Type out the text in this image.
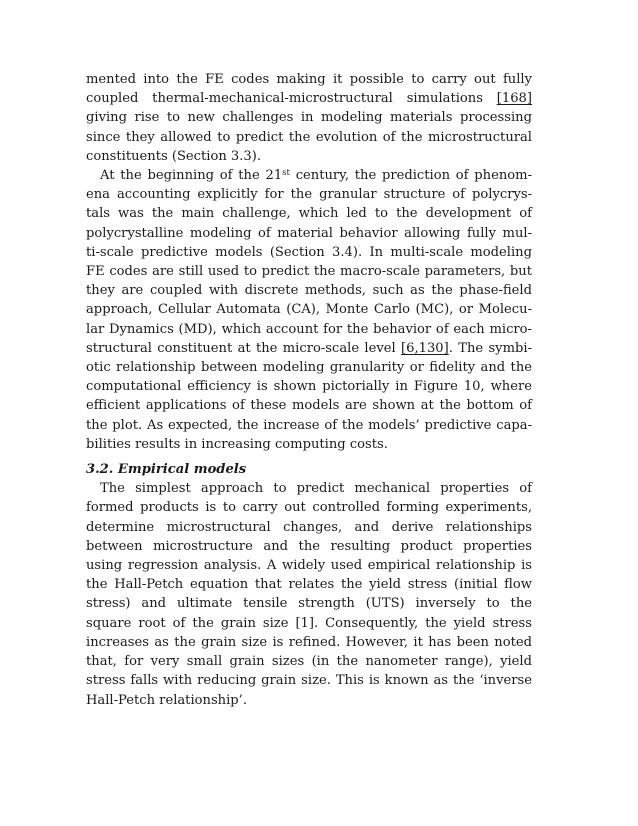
mented into the FE codes making it possible to carry out fully
coupled thermal-mechanical-microstructural simulations [168]
giving rise to new challenges in modeling materials processing
since they allowed to predict the evolution of the microstructural
constituents (Section 3.3).

At the beginning of the 21st century, the prediction of phenom-
ena accounting explicitly for the granular structure of polycrys-
tals was the main challenge, which led to the development of
polycrystalline modeling of material behavior allowing fully mul-
ti-scale predictive models (Section 3.4). In multi-scale modeling
FE codes are still used to predict the macro-scale parameters, but
they are coupled with discrete methods, such as the phase-field
approach, Cellular Automata (CA), Monte Carlo (MC), or Molecu-
lar Dynamics (MD), which account for the behavior of each micro-
structural constituent at the micro-scale level [6,130]. The symbi-
otic relationship between modeling granularity or fidelity and the
computational efficiency is shown pictorially in Figure 10, where
efficient applications of these models are shown at the bottom of
the plot. As expected, the increase of the models’ predictive capa-
bilities results in increasing computing costs.

3.2. Empirical models

The simplest approach to predict mechanical properties of
formed products is to carry out controlled forming experiments,
determine microstructural changes, and derive relationships
between microstructure and the resulting product properties
using regression analysis. A widely used empirical relationship is
the Hall-Petch equation that relates the yield stress (initial flow
stress) and ultimate tensile strength (UTS) inversely to the
square root of the grain size [1]. Consequently, the yield stress
increases as the grain size is refined. However, it has been noted
that, for very small grain sizes (in the nanometer range), yield
stress falls with reducing grain size. This is known as the ‘inverse
Hall-Petch relationship’.
